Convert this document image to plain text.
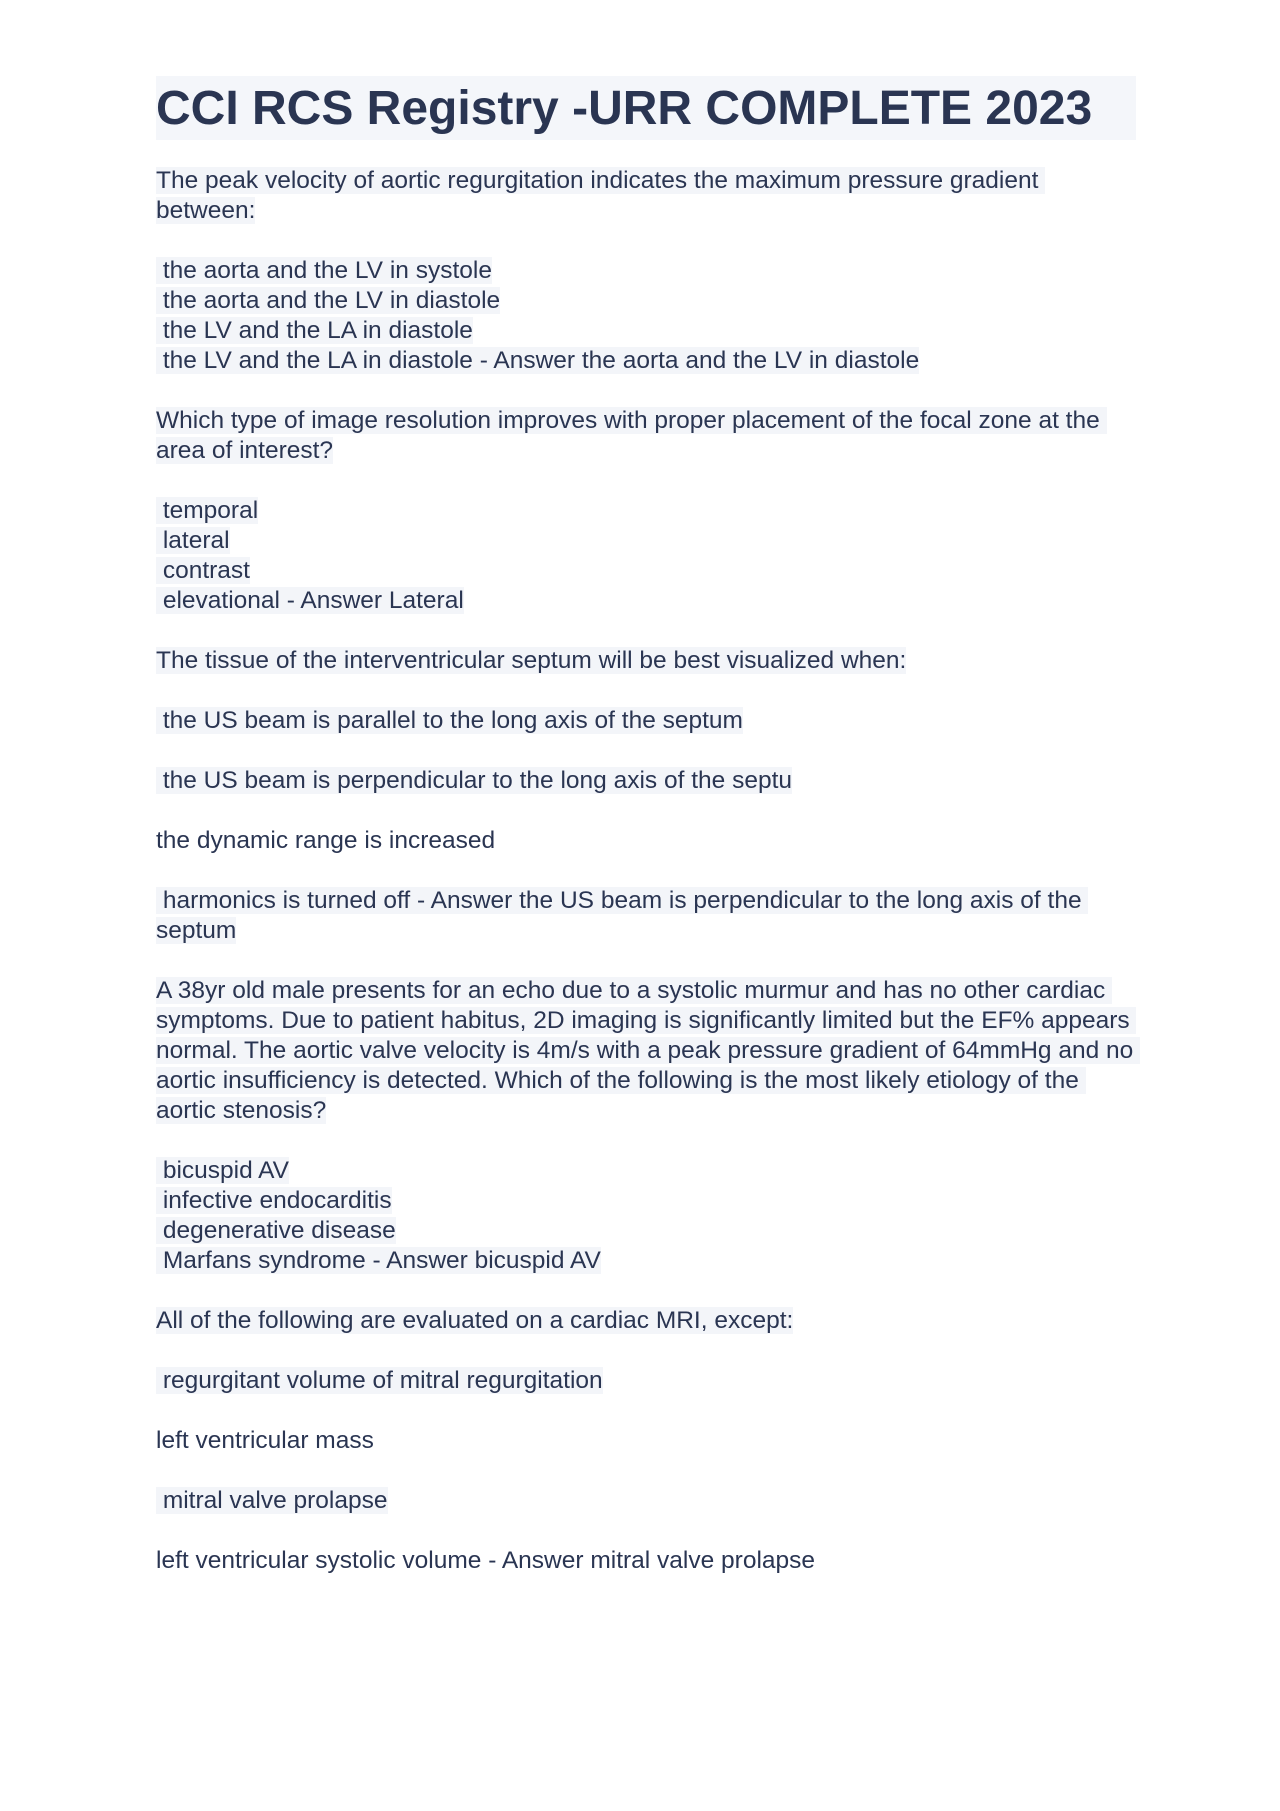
CCI RCS Registry -URR COMPLETE 2023
The peak velocity of aortic regurgitation indicates the maximum pressure gradient between:
the aorta and the LV in systole
the aorta and the LV in diastole
the LV and the LA in diastole
the LV and the LA in diastole - Answer the aorta and the LV in diastole
Which type of image resolution improves with proper placement of the focal zone at the area of interest?
temporal
lateral
contrast
elevational - Answer Lateral
The tissue of the interventricular septum will be best visualized when:
the US beam is parallel to the long axis of the septum
the US beam is perpendicular to the long axis of the septu
the dynamic range is increased
harmonics is turned off - Answer the US beam is perpendicular to the long axis of the septum
A 38yr old male presents for an echo due to a systolic murmur and has no other cardiac symptoms. Due to patient habitus, 2D imaging is significantly limited but the EF% appears normal. The aortic valve velocity is 4m/s with a peak pressure gradient of 64mmHg and no aortic insufficiency is detected. Which of the following is the most likely etiology of the aortic stenosis?
bicuspid AV
infective endocarditis
degenerative disease
Marfans syndrome - Answer bicuspid AV
All of the following are evaluated on a cardiac MRI, except:
regurgitant volume of mitral regurgitation
left ventricular mass
mitral valve prolapse
left ventricular systolic volume - Answer mitral valve prolapse
